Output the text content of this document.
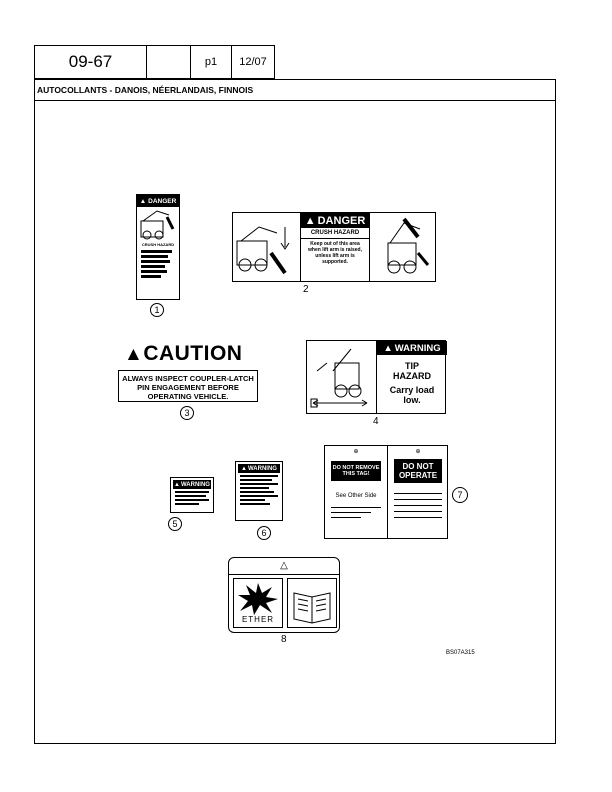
09-67	p1 12/07
AUTOCOLLANTS - DANOIS, NÉERLANDAIS, FINNOIS
▲ DANGER
CRUSH HAZARD
1
▲ DANGER
CRUSH HAZARD
Keep out of this area when lift arm is raised, unless lift arm is supported.
2
▲CAUTION
ALWAYS INSPECT COUPLER-LATCH PIN ENGAGEMENT BEFORE OPERATING VEHICLE.
3
▲ WARNING
TIP HAZARD
Carry load low.
4
▲ WARNING
5
▲ WARNING
6
⊕
DO NOT REMOVE THIS TAG!
See Other Side
⊕
DO NOT OPERATE
7
△
ETHER
8
BS07A315
